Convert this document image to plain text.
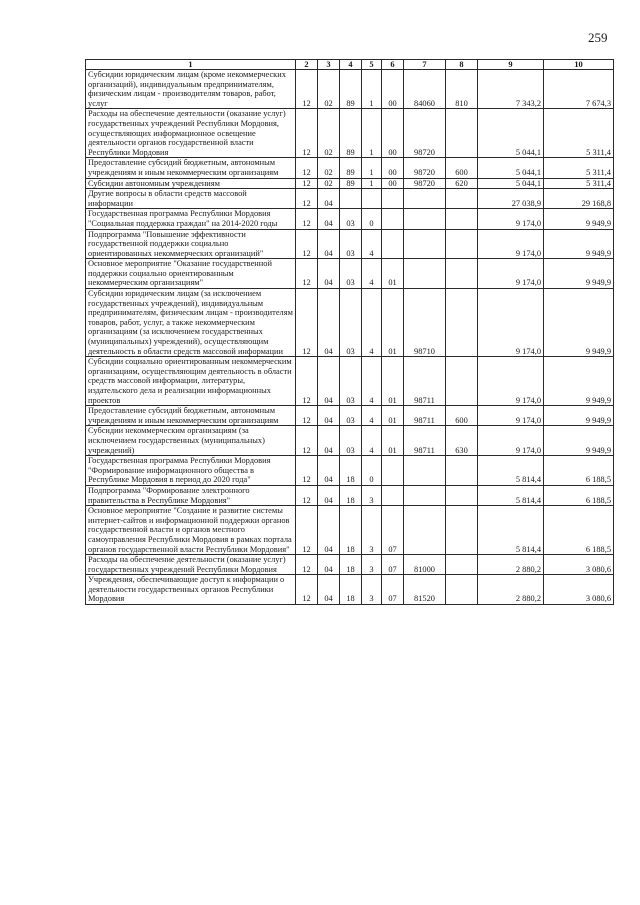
259
1	2	3	4	5	6	7	8	9	10
Субсидии юридическим лицам (кроме некоммерческих организаций), индивидуальным предпринимателям, физическим лицам - производителям товаров, работ, услуг	12	02	89	1	00	84060	810	7 343,2	7 674,3
Расходы на обеспечение деятельности (оказание услуг) государственных учреждений Республики Мордовия, осуществляющих информационное освещение деятельности органов государственной власти Республики Мордовия	12	02	89	1	00	98720		5 044,1	5 311,4
Предоставление субсидий бюджетным, автономным учреждениям и иным некоммерческим организациям	12	02	89	1	00	98720	600	5 044,1	5 311,4
Субсидии автономным учреждениям	12	02	89	1	00	98720	620	5 044,1	5 311,4
Другие вопросы в области средств массовой информации	12	04						27 038,9	29 168,8
Государственная программа Республики Мордовия "Социальная поддержка граждан" на 2014-2020 годы	12	04	03	0				9 174,0	9 949,9
Подпрограмма "Повышение эффективности государственной поддержки социально ориентированных некоммерческих организаций"	12	04	03	4				9 174,0	9 949,9
Основное мероприятие "Оказание государственной поддержки социально ориентированным некоммерческим организациям"	12	04	03	4	01			9 174,0	9 949,9
Субсидии юридическим лицам (за исключением государственных учреждений), индивидуальным предпринимателям, физическим лицам - производителям товаров, работ, услуг, а также некоммерческим организациям (за исключением государственных (муниципальных) учреждений), осуществляющим деятельность в области средств массовой информации	12	04	03	4	01	98710		9 174,0	9 949,9
Субсидии социально ориентированным некоммерческим организациям, осуществляющим деятельность в области средств массовой информации, литературы, издательского дела и реализации информационных проектов	12	04	03	4	01	98711		9 174,0	9 949,9
Предоставление субсидий бюджетным, автономным учреждениям и иным некоммерческим организациям	12	04	03	4	01	98711	600	9 174,0	9 949,9
Субсидии некоммерческим организациям (за исключением государственных (муниципальных) учреждений)	12	04	03	4	01	98711	630	9 174,0	9 949,9
Государственная программа Республики Мордовия "Формирование информационного общества в Республике Мордовия в период до 2020 года"	12	04	18	0				5 814,4	6 188,5
Подпрограмма "Формирование электронного правительства в Республике Мордовия"	12	04	18	3				5 814,4	6 188,5
Основное мероприятие "Создание и развитие системы интернет-сайтов и информационной поддержки органов государственной власти и органов местного самоуправления Республики Мордовия в рамках портала органов государственной власти Республики Мордовия"	12	04	18	3	07			5 814,4	6 188,5
Расходы на обеспечение деятельности (оказание услуг) государственных учреждений Республики Мордовия	12	04	18	3	07	81000		2 880,2	3 080,6
Учреждения, обеспечивающие доступ к информации о деятельности государственных органов Республики Мордовия	12	04	18	3	07	81520		2 880,2	3 080,6
